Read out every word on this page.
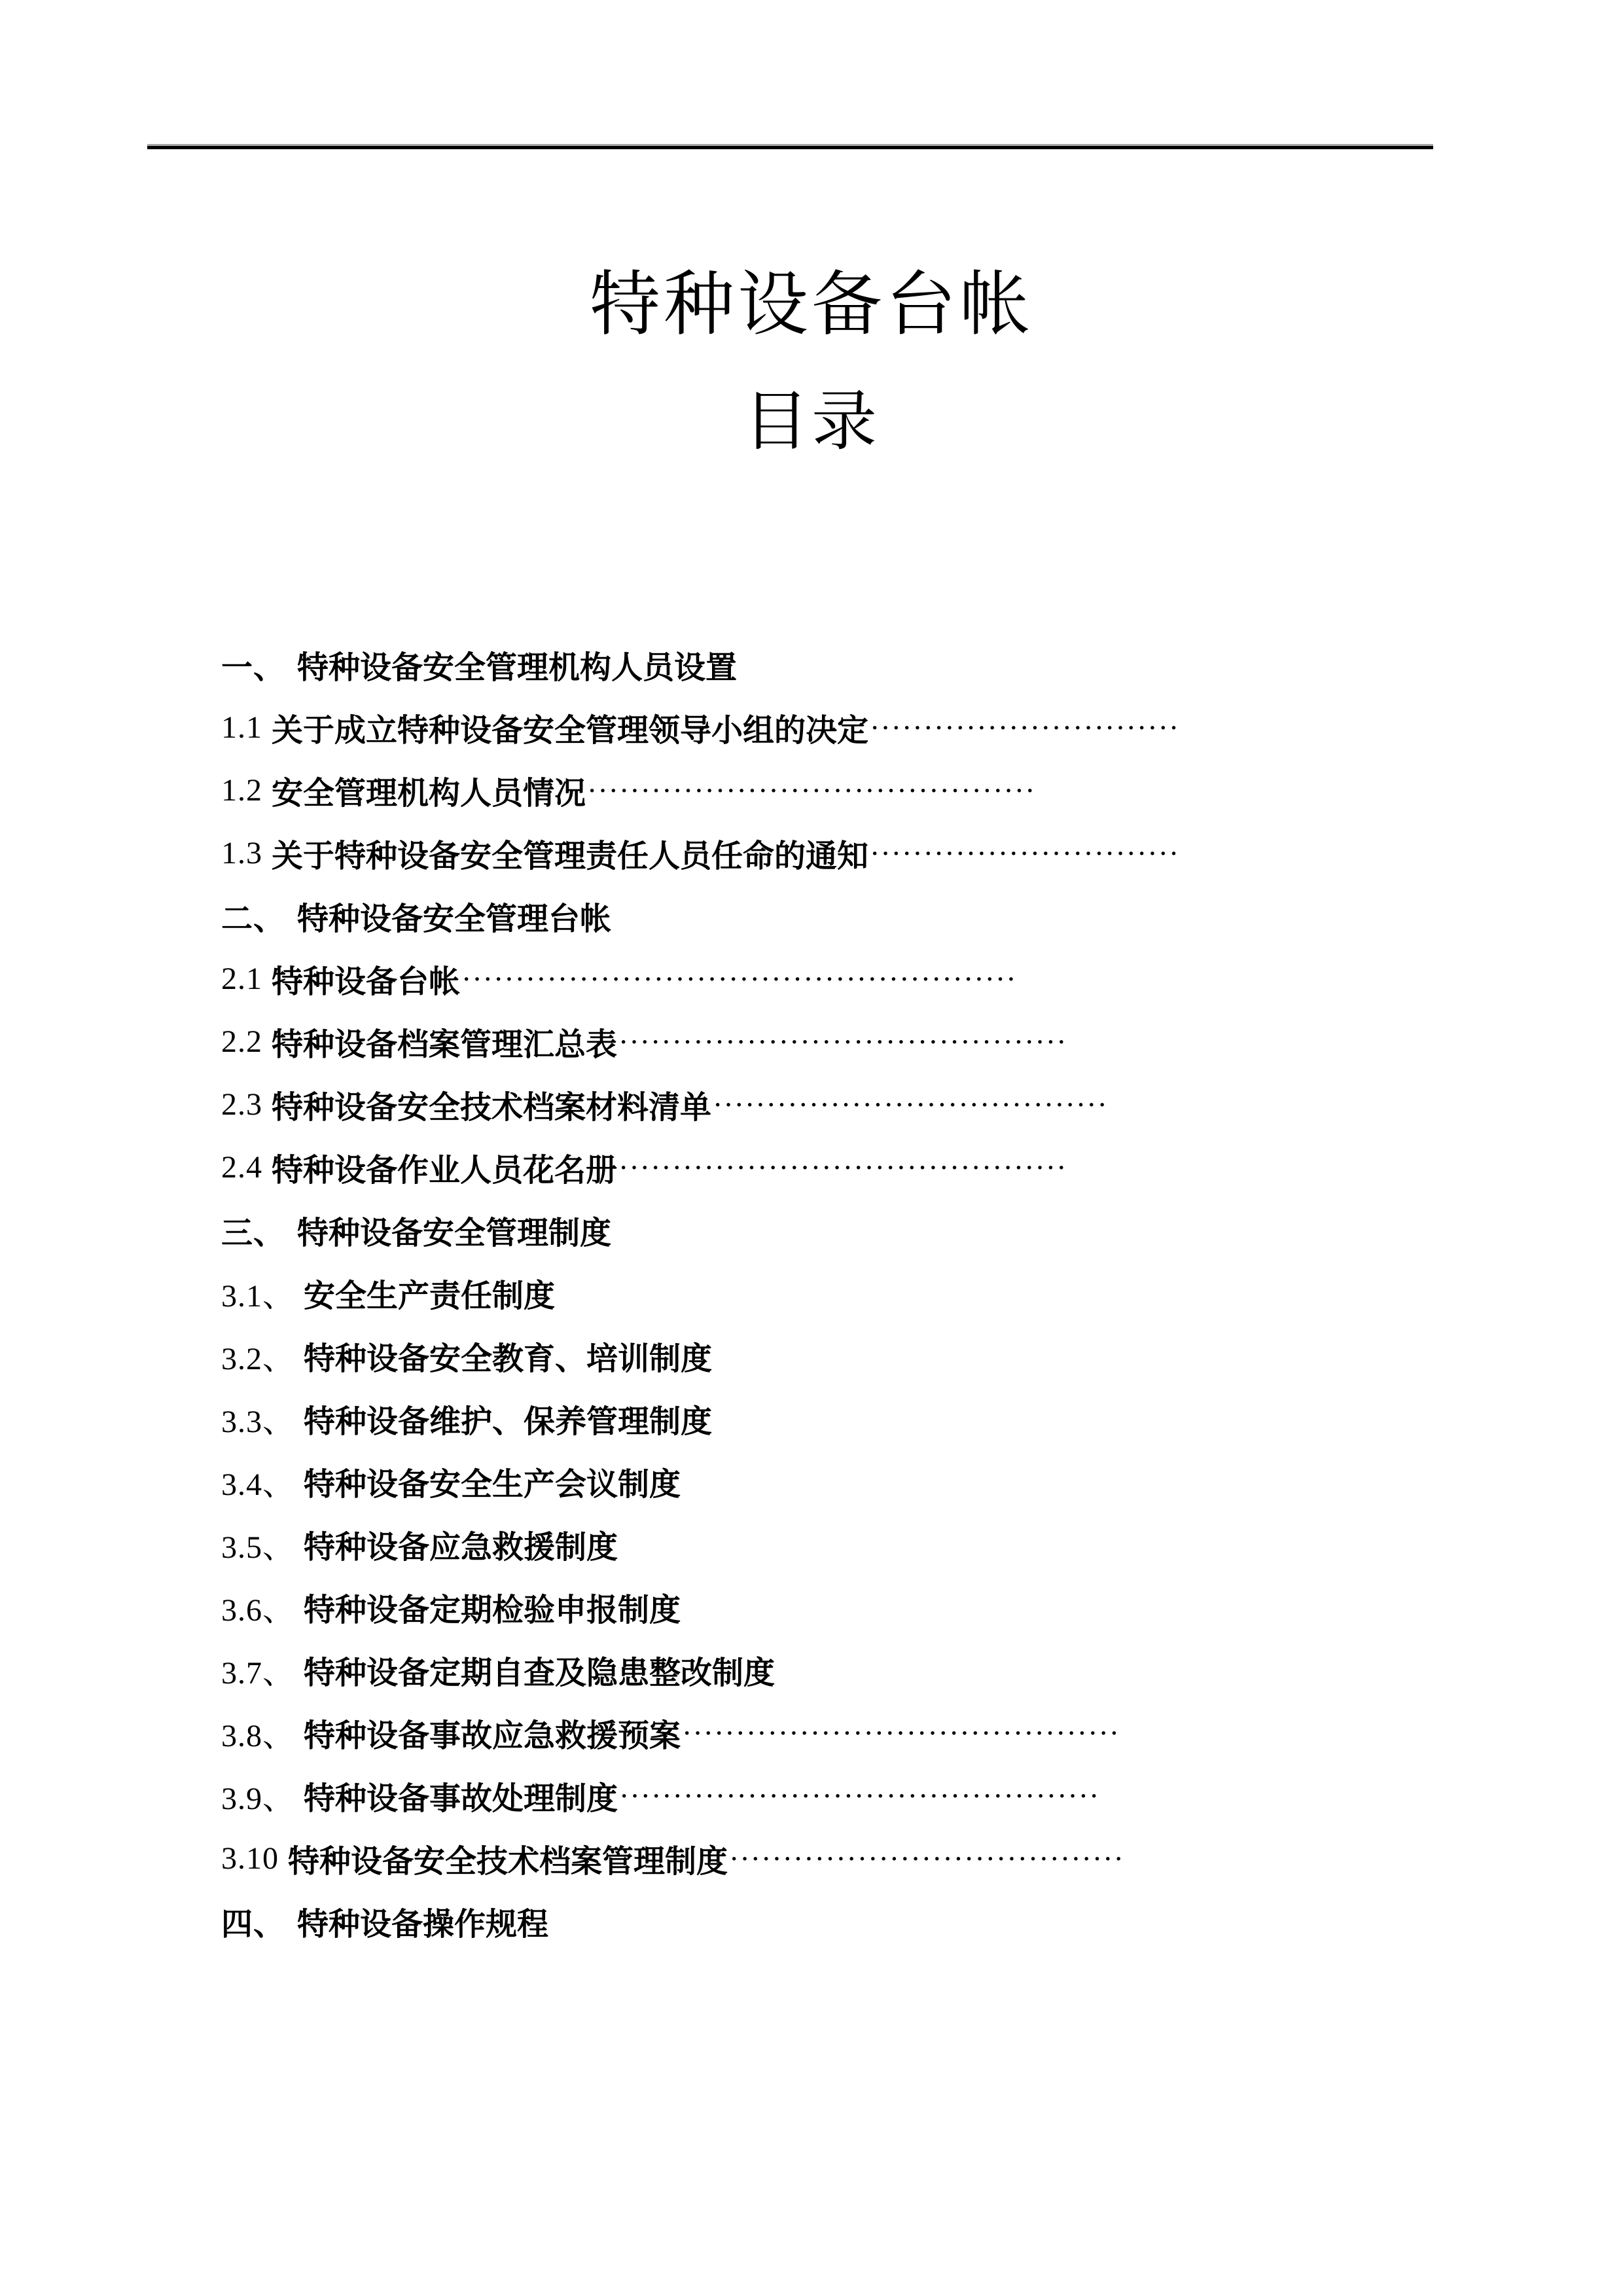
特种设备台帐
目录
一、 特种设备安全管理机构人员设置
1.1 关于成立特种设备安全管理领导小组的决定 ·····························
1.2 安全管理机构人员情况 ··········································
1.3 关于特种设备安全管理责任人员任命的通知 ·····························
二、 特种设备安全管理台帐
2.1 特种设备台帐 ····················································
2.2 特种设备档案管理汇总表 ··········································
2.3 特种设备安全技术档案材料清单 ·····································
2.4 特种设备作业人员花名册 ··········································
三、 特种设备安全管理制度
3.1、 安全生产责任制度
3.2、 特种设备安全教育、培训制度
3.3、 特种设备维护、保养管理制度
3.4、 特种设备安全生产会议制度
3.5、 特种设备应急救援制度
3.6、 特种设备定期检验申报制度
3.7、 特种设备定期自查及隐患整改制度
3.8、 特种设备事故应急救援预案 ·········································
3.9、 特种设备事故处理制度 ·············································
3.10 特种设备安全技术档案管理制度 ·····································
四、 特种设备操作规程
